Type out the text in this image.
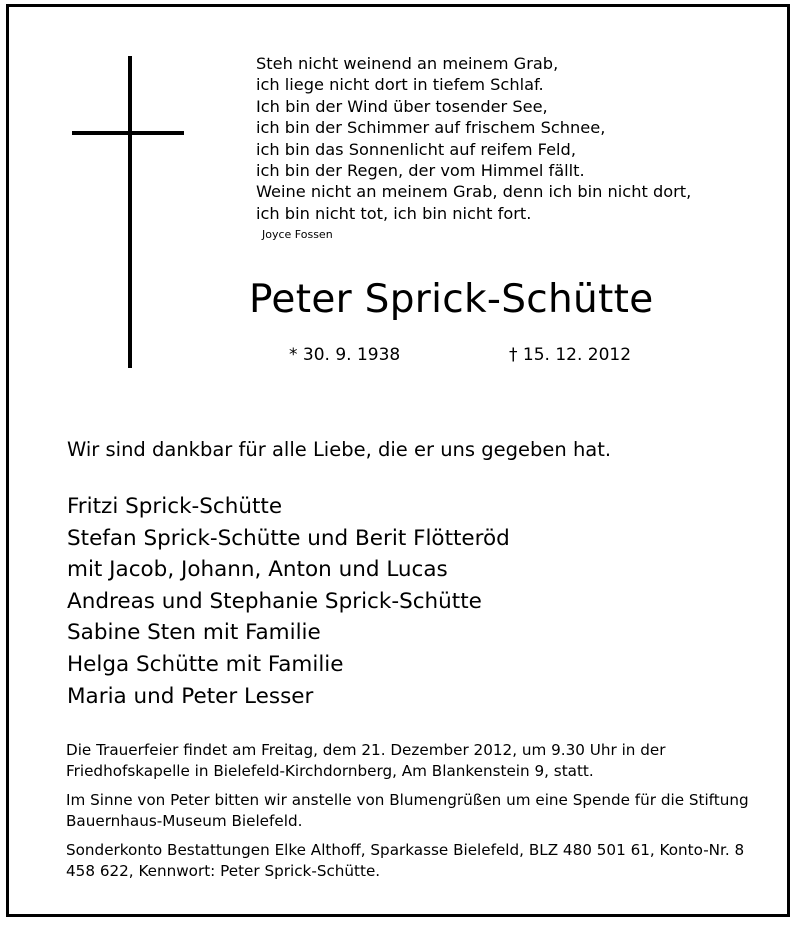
Steh nicht weinend an meinem Grab,
ich liege nicht dort in tiefem Schlaf.
Ich bin der Wind über tosender See,
ich bin der Schimmer auf frischem Schnee,
ich bin das Sonnenlicht auf reifem Feld,
ich bin der Regen, der vom Himmel fällt.
Weine nicht an meinem Grab, denn ich bin nicht dort,
ich bin nicht tot, ich bin nicht fort.
Joyce Fossen
Peter Sprick-Schütte
* 30. 9. 1938	† 15. 12. 2012
Wir sind dankbar für alle Liebe, die er uns gegeben hat.
Fritzi Sprick-Schütte
Stefan Sprick-Schütte und Berit Flötteröd
mit Jacob, Johann, Anton und Lucas
Andreas und Stephanie Sprick-Schütte
Sabine Sten mit Familie
Helga Schütte mit Familie
Maria und Peter Lesser

Die Trauerfeier findet am Freitag, dem 21. Dezember 2012, um 9.30 Uhr in der Friedhofskapelle in Bielefeld-Kirchdornberg, Am Blankenstein 9, statt.

Im Sinne von Peter bitten wir anstelle von Blumengrüßen um eine Spende für die Stiftung Bauernhaus-Museum Bielefeld.

Sonderkonto Bestattungen Elke Althoff, Sparkasse Bielefeld, BLZ 480 501 61, Konto-Nr. 8 458 622, Kennwort: Peter Sprick-Schütte.
